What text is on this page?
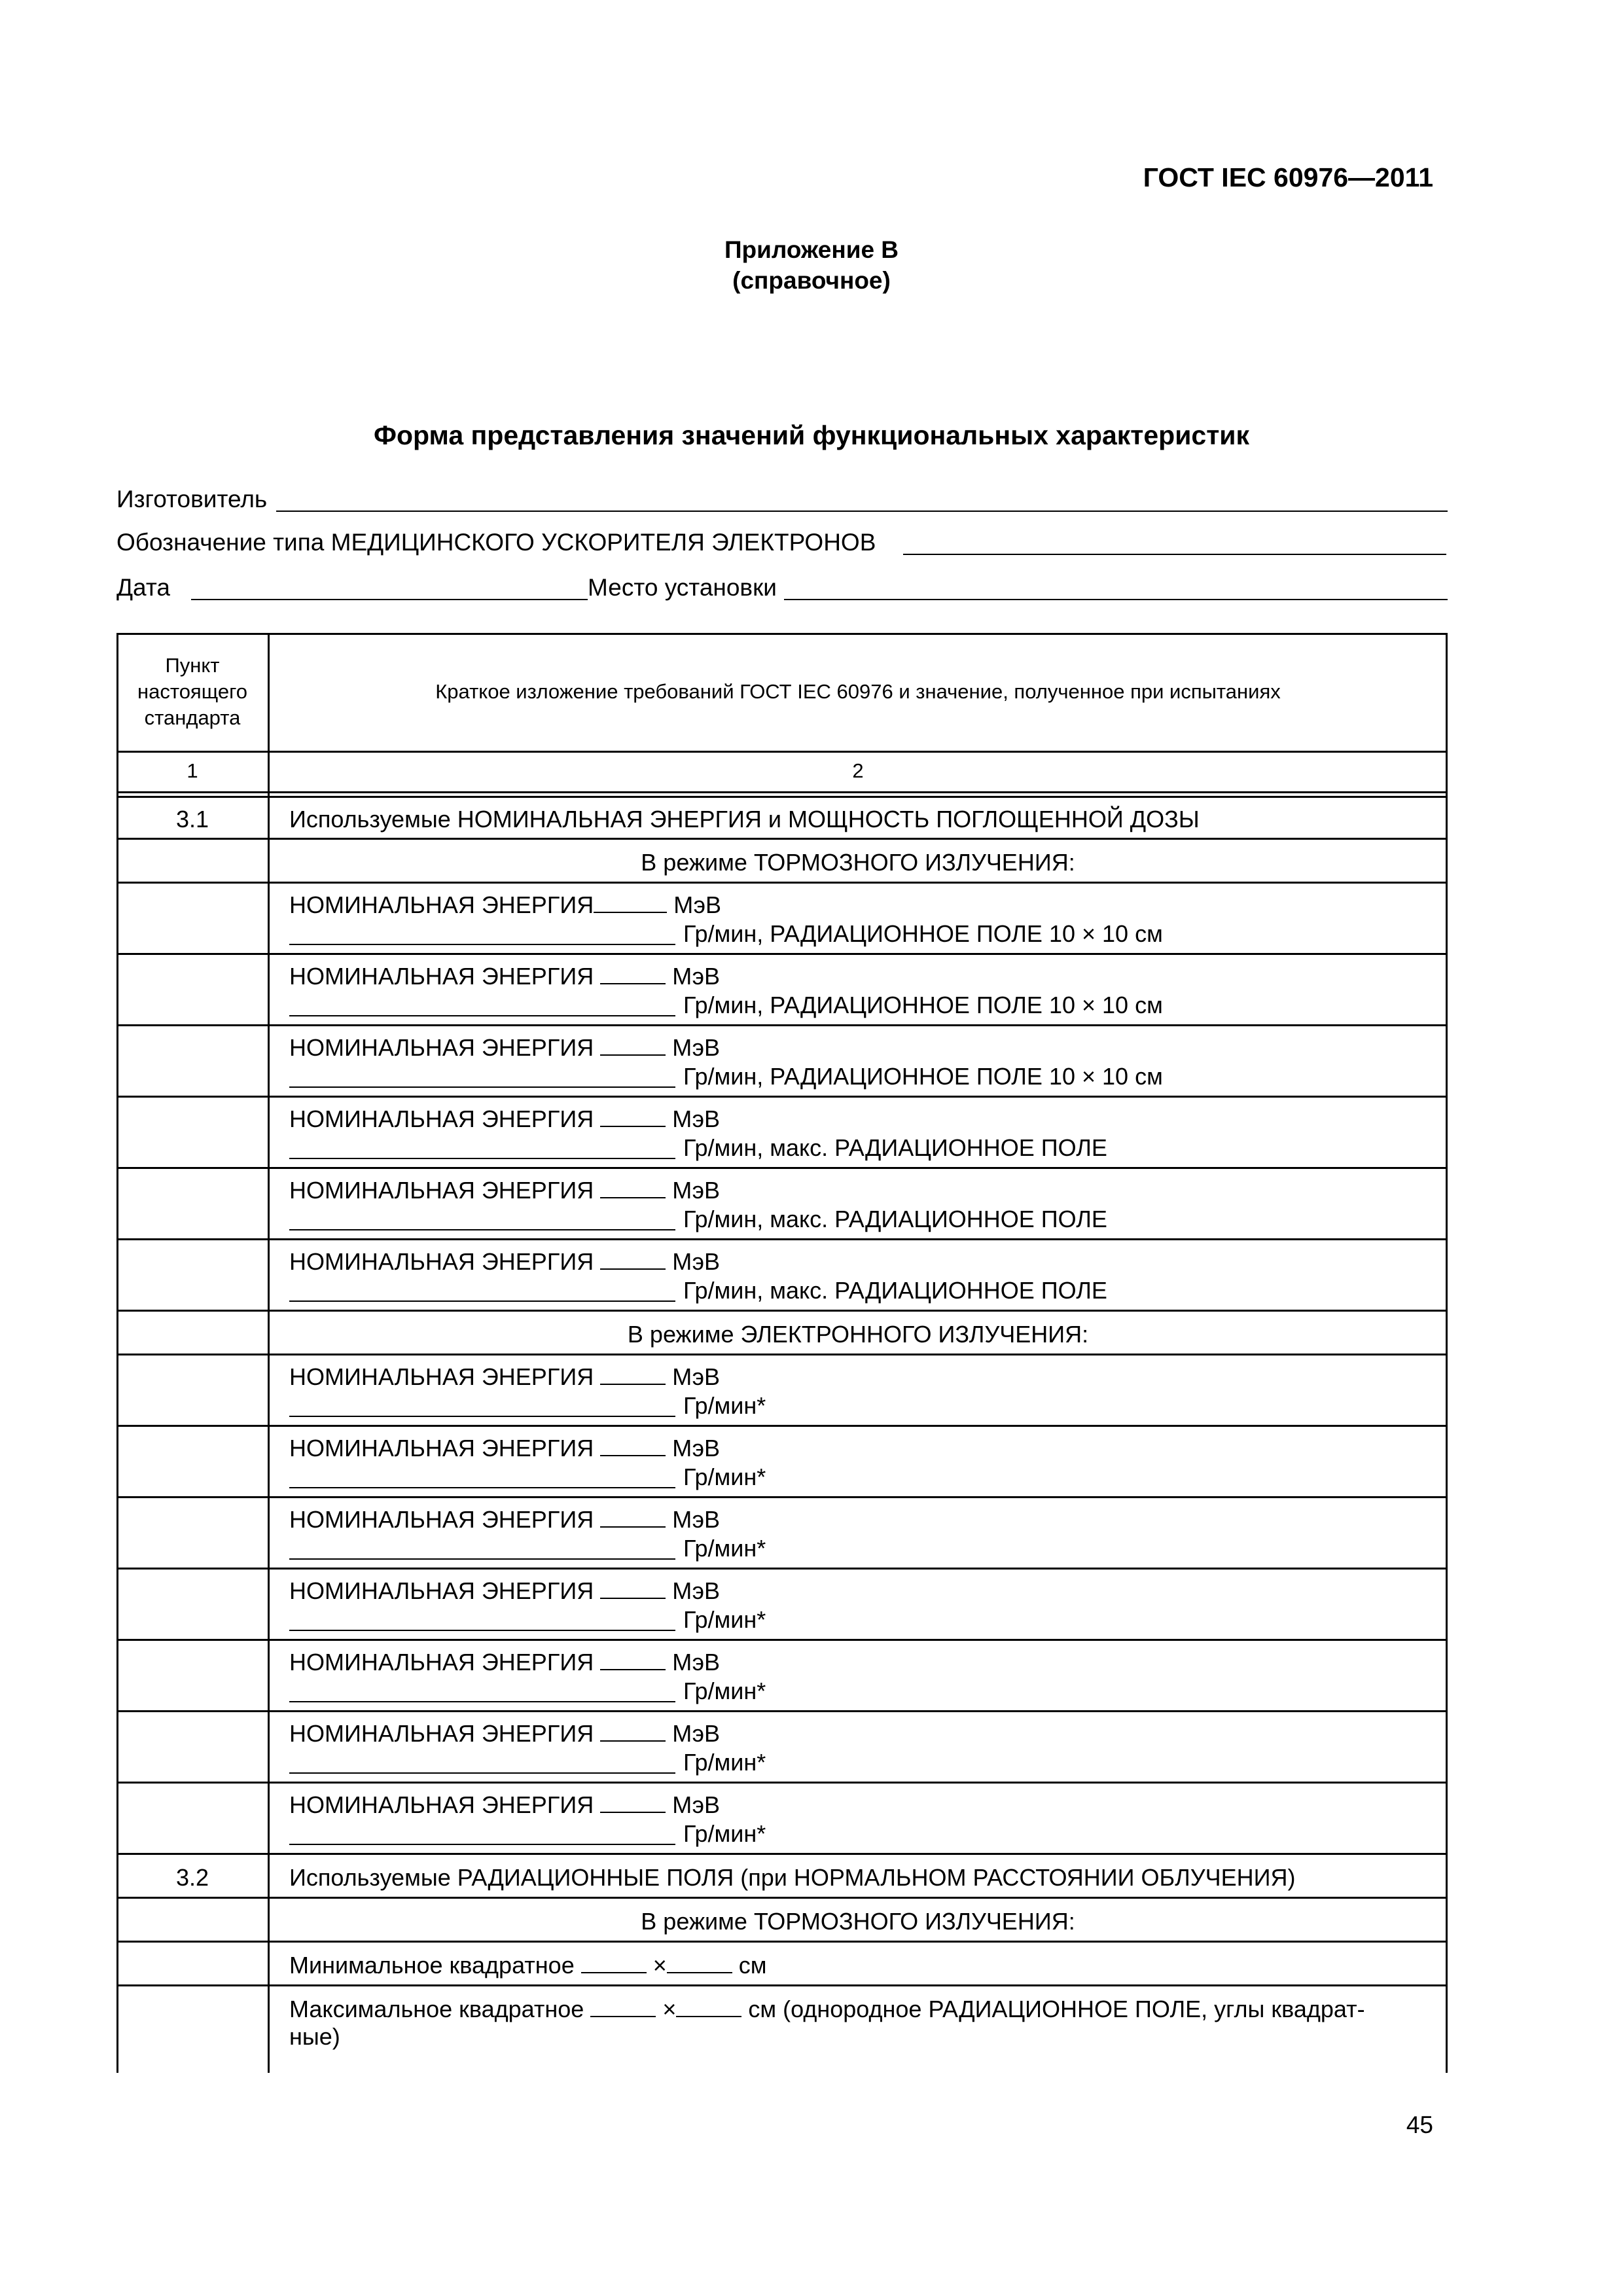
ГОСТ IEC 60976—2011
Приложение В
(справочное)
Форма представления значений функциональных характеристик
Изготовитель
Обозначение типа МЕДИЦИНСКОГО УСКОРИТЕЛЯ ЭЛЕКТРОНОВ
Дата	Место установки
Пункт
настоящего
стандарта
Краткое изложение требований ГОСТ IEC 60976 и значение, полученное при испытаниях
1	2
3.1	Используемые НОМИНАЛЬНАЯ ЭНЕРГИЯ и МОЩНОСТЬ ПОГЛОЩЕННОЙ ДОЗЫ
В режиме ТОРМОЗНОГО ИЗЛУЧЕНИЯ:
НОМИНАЛЬНАЯ ЭНЕРГИЯ	МэВ
Гр/мин, РАДИАЦИОННОЕ ПОЛЕ 10 × 10 см
НОМИНАЛЬНАЯ ЭНЕРГИЯ	МэВ
Гр/мин, РАДИАЦИОННОЕ ПОЛЕ 10 × 10 см
НОМИНАЛЬНАЯ ЭНЕРГИЯ	МэВ
Гр/мин, РАДИАЦИОННОЕ ПОЛЕ 10 × 10 см
НОМИНАЛЬНАЯ ЭНЕРГИЯ	МэВ
Гр/мин, макс. РАДИАЦИОННОЕ ПОЛЕ
НОМИНАЛЬНАЯ ЭНЕРГИЯ	МэВ
Гр/мин, макс. РАДИАЦИОННОЕ ПОЛЕ
НОМИНАЛЬНАЯ ЭНЕРГИЯ	МэВ
Гр/мин, макс. РАДИАЦИОННОЕ ПОЛЕ
В режиме ЭЛЕКТРОННОГО ИЗЛУЧЕНИЯ:
НОМИНАЛЬНАЯ ЭНЕРГИЯ	МэВ
Гр/мин*
НОМИНАЛЬНАЯ ЭНЕРГИЯ	МэВ
Гр/мин*
НОМИНАЛЬНАЯ ЭНЕРГИЯ	МэВ
Гр/мин*
НОМИНАЛЬНАЯ ЭНЕРГИЯ	МэВ
Гр/мин*
НОМИНАЛЬНАЯ ЭНЕРГИЯ	МэВ
Гр/мин*
НОМИНАЛЬНАЯ ЭНЕРГИЯ	МэВ
Гр/мин*
НОМИНАЛЬНАЯ ЭНЕРГИЯ	МэВ
Гр/мин*
3.2	Используемые РАДИАЦИОННЫЕ ПОЛЯ (при НОРМАЛЬНОМ РАССТОЯНИИ ОБЛУЧЕНИЯ)
В режиме ТОРМОЗНОГО ИЗЛУЧЕНИЯ:
Минимальное квадратное	×	см
Максимальное квадратное	×	см (однородное РАДИАЦИОННОЕ ПОЛЕ, углы квадрат-
ные)
45
